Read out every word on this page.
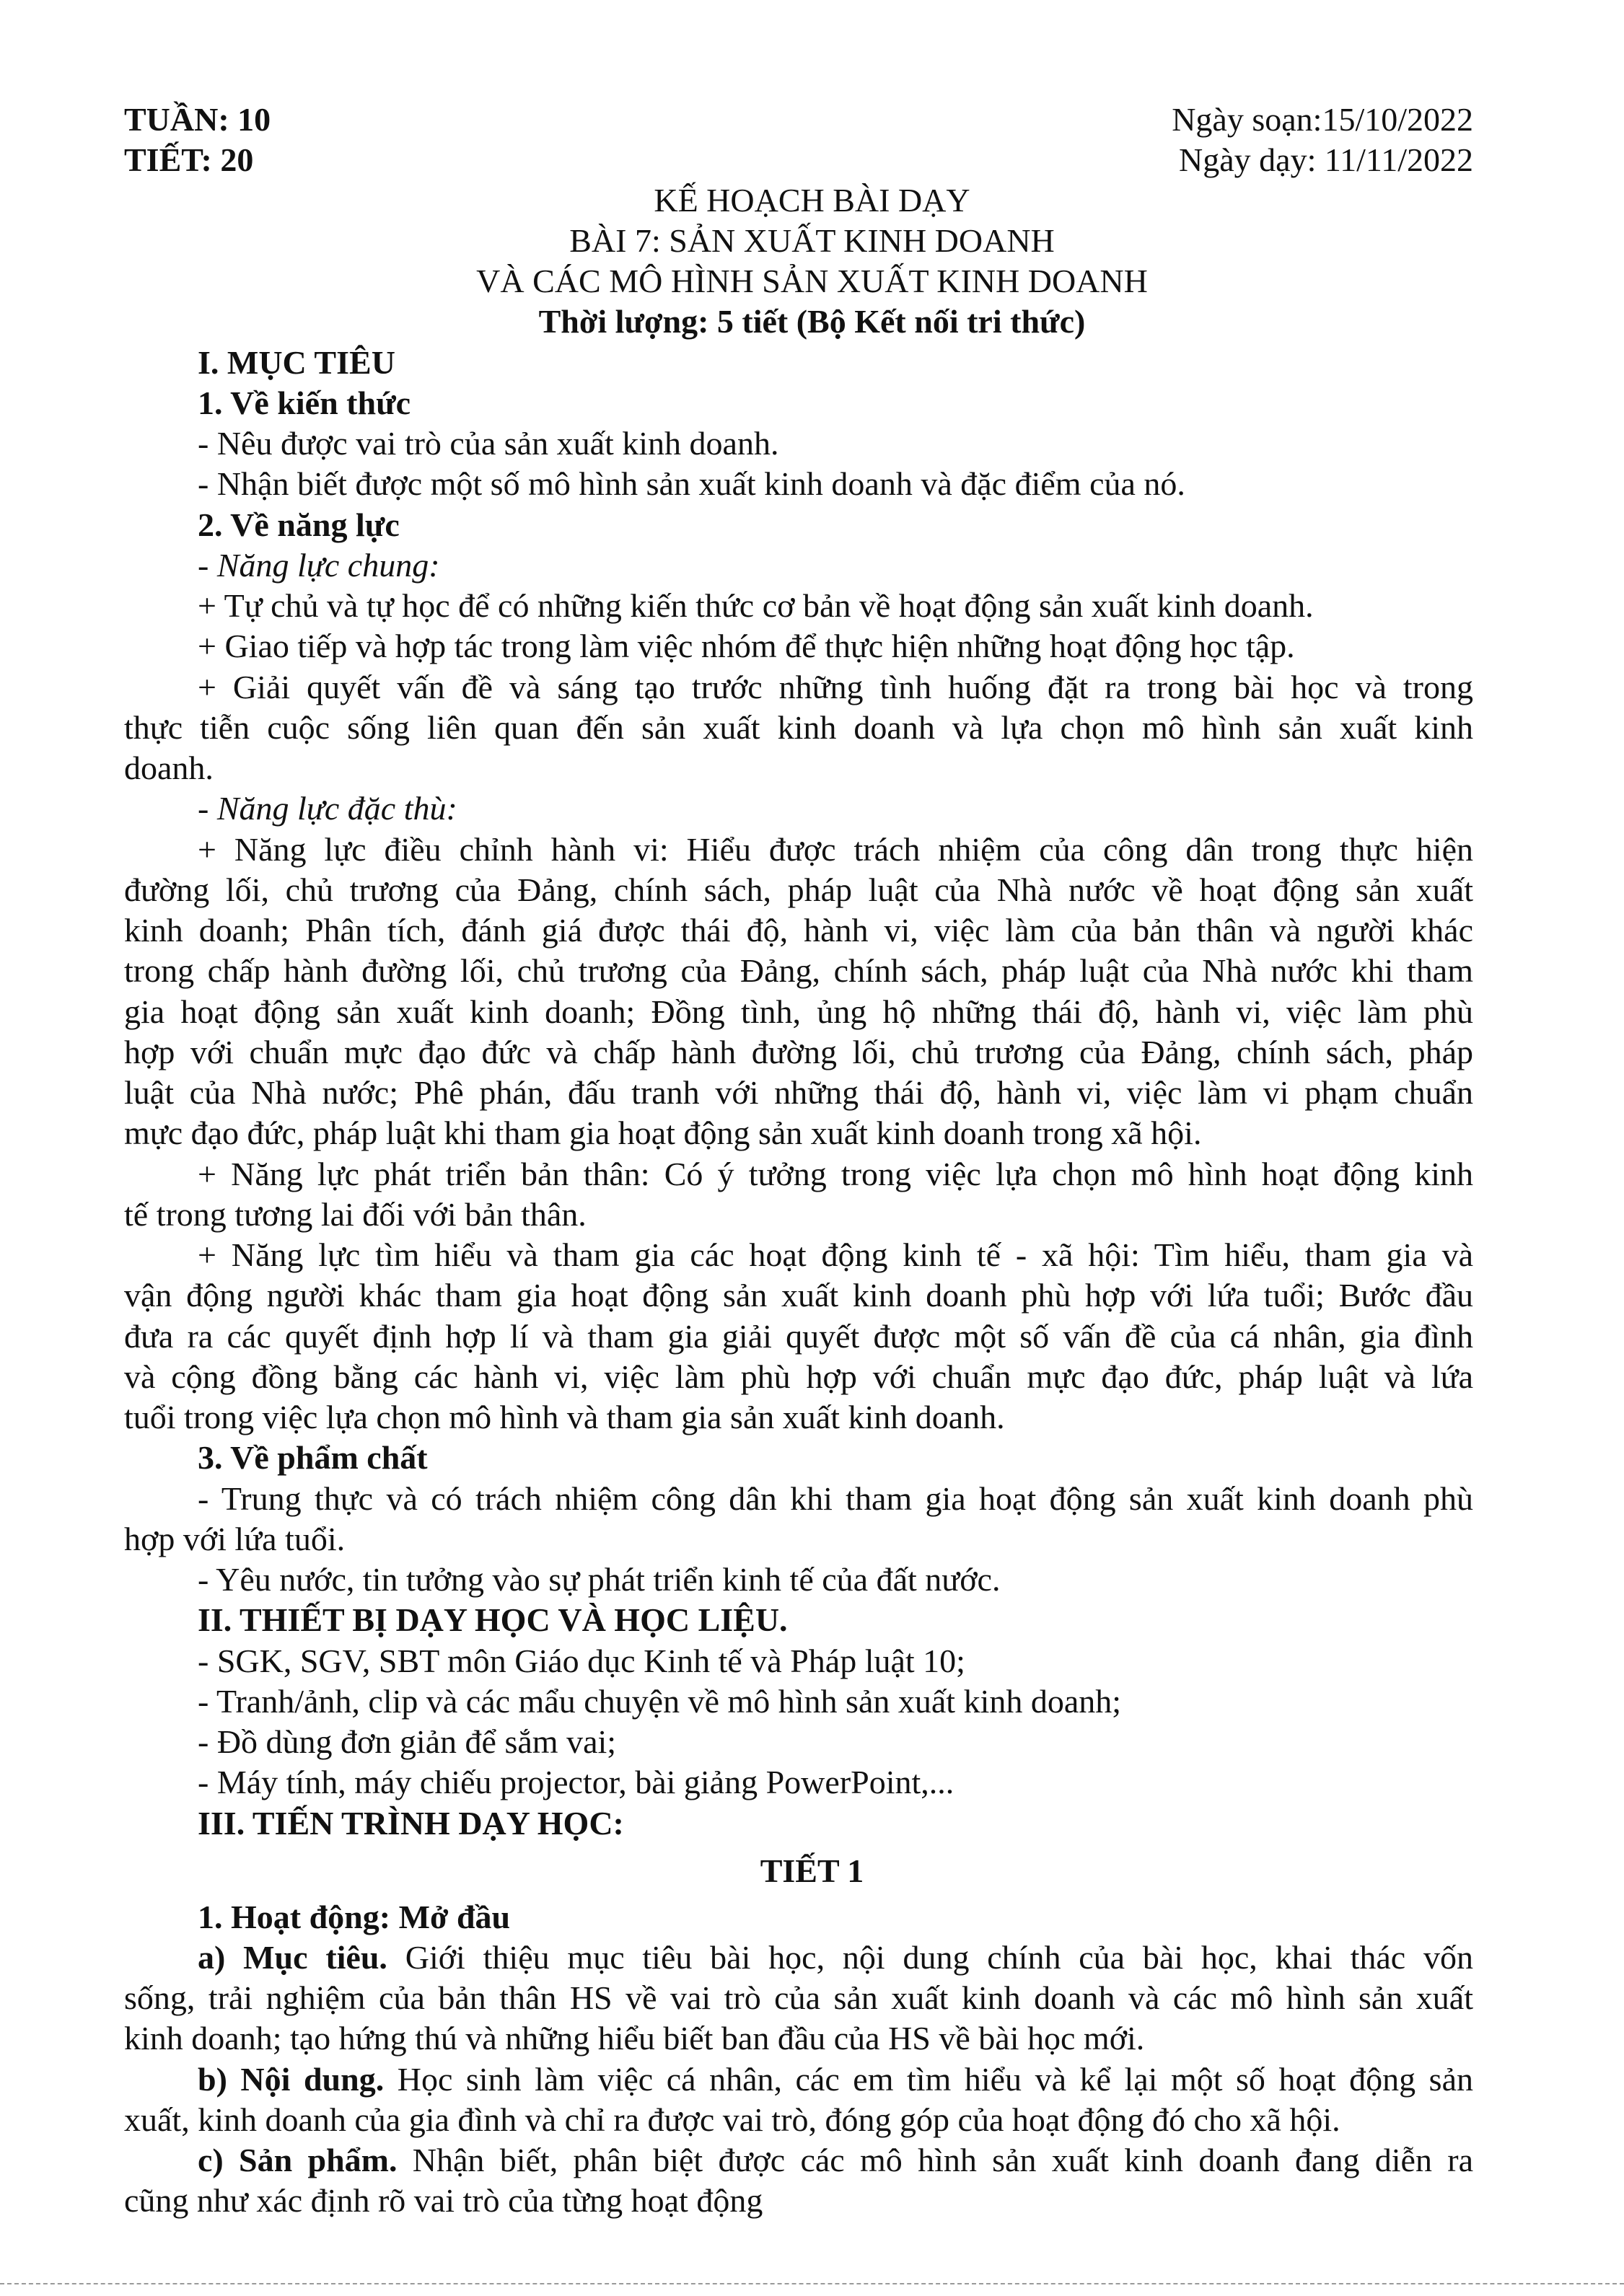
TUẦN: 10
TIẾT: 20
Ngày soạn:15/10/2022
Ngày dạy: 11/11/2022
KẾ HOẠCH BÀI DẠY
BÀI 7: SẢN XUẤT KINH DOANH
VÀ CÁC MÔ HÌNH SẢN XUẤT KINH DOANH
Thời lượng: 5 tiết (Bộ Kết nối tri thức)
I. MỤC TIÊU
1. Về kiến thức
- Nêu được vai trò của sản xuất kinh doanh.
- Nhận biết được một số mô hình sản xuất kinh doanh và đặc điểm của nó.
2. Về năng lực
- Năng lực chung:
+ Tự chủ và tự học để có những kiến thức cơ bản về hoạt động sản xuất kinh doanh.
+ Giao tiếp và hợp tác trong làm việc nhóm để thực hiện những hoạt động học tập.
+ Giải quyết vấn đề và sáng tạo trước những tình huống đặt ra trong bài học và trong
thực tiễn cuộc sống liên quan đến sản xuất kinh doanh và lựa chọn mô hình sản xuất kinh
doanh.
- Năng lực đặc thù:
+ Năng lực điều chỉnh hành vi: Hiểu được trách nhiệm của công dân trong thực hiện
đường lối, chủ trương của Đảng, chính sách, pháp luật của Nhà nước về hoạt động sản xuất
kinh doanh; Phân tích, đánh giá được thái độ, hành vi, việc làm của bản thân và người khác
trong chấp hành đường lối, chủ trương của Đảng, chính sách, pháp luật của Nhà nước khi tham
gia hoạt động sản xuất kinh doanh; Đồng tình, ủng hộ những thái độ, hành vi, việc làm phù
hợp với chuẩn mực đạo đức và chấp hành đường lối, chủ trương của Đảng, chính sách, pháp
luật của Nhà nước; Phê phán, đấu tranh với những thái độ, hành vi, việc làm vi phạm chuẩn
mực đạo đức, pháp luật khi tham gia hoạt động sản xuất kinh doanh trong xã hội.
+ Năng lực phát triển bản thân: Có ý tưởng trong việc lựa chọn mô hình hoạt động kinh
tế trong tương lai đối với bản thân.
+ Năng lực tìm hiểu và tham gia các hoạt động kinh tế - xã hội: Tìm hiểu, tham gia và
vận động người khác tham gia hoạt động sản xuất kinh doanh phù hợp với lứa tuổi; Bước đầu
đưa ra các quyết định hợp lí và tham gia giải quyết được một số vấn đề của cá nhân, gia đình
và cộng đồng bằng các hành vi, việc làm phù hợp với chuẩn mực đạo đức, pháp luật và lứa
tuổi trong việc lựa chọn mô hình và tham gia sản xuất kinh doanh.
3. Về phẩm chất
- Trung thực và có trách nhiệm công dân khi tham gia hoạt động sản xuất kinh doanh phù
hợp với lứa tuổi.
- Yêu nước, tin tưởng vào sự phát triển kinh tế của đất nước.
II. THIẾT BỊ DẠY HỌC VÀ HỌC LIỆU.
- SGK, SGV, SBT môn Giáo dục Kinh tế và Pháp luật 10;
- Tranh/ảnh, clip và các mẩu chuyện về mô hình sản xuất kinh doanh;
- Đồ dùng đơn giản để sắm vai;
- Máy tính, máy chiếu projector, bài giảng PowerPoint,...
III. TIẾN TRÌNH DẠY HỌC:
TIẾT 1
1. Hoạt động: Mở đầu
a) Mục tiêu. Giới thiệu mục tiêu bài học, nội dung chính của bài học, khai thác vốn
sống, trải nghiệm của bản thân HS về vai trò của sản xuất kinh doanh và các mô hình sản xuất
kinh doanh; tạo hứng thú và những hiểu biết ban đầu của HS về bài học mới.
b) Nội dung. Học sinh làm việc cá nhân, các em tìm hiểu và kể lại một số hoạt động sản
xuất, kinh doanh của gia đình và chỉ ra được vai trò, đóng góp của hoạt động đó cho xã hội.
c) Sản phẩm. Nhận biết, phân biệt được các mô hình sản xuất kinh doanh đang diễn ra
cũng như xác định rõ vai trò của từng hoạt động
